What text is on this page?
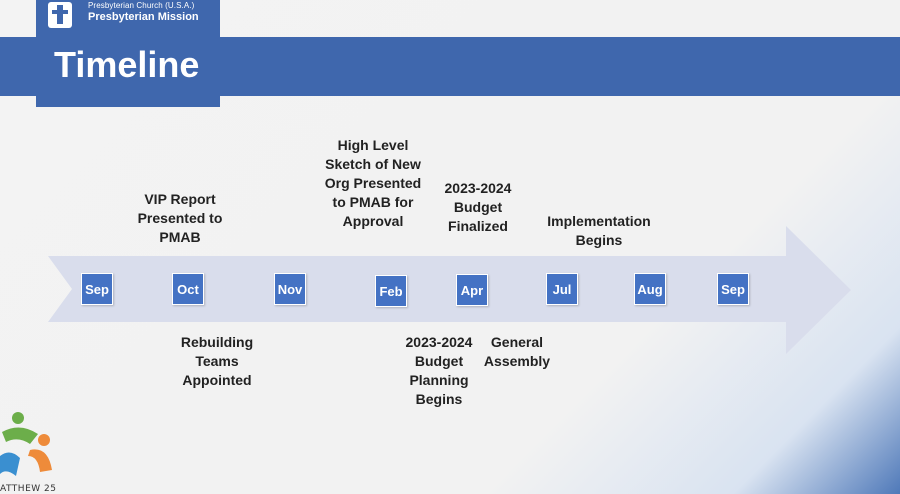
Presbyterian Church (U.S.A.)
Presbyterian Mission
Timeline
Sep	Oct	Nov	Feb	Apr	Jul	Aug	Sep
VIP Report Presented to PMAB
High Level Sketch of New Org Presented to PMAB for Approval
2023-2024 Budget Finalized	Implementation Begins
Rebuilding Teams Appointed
2023-2024 Budget Planning Begins
General Assembly
ATTHEW 25
